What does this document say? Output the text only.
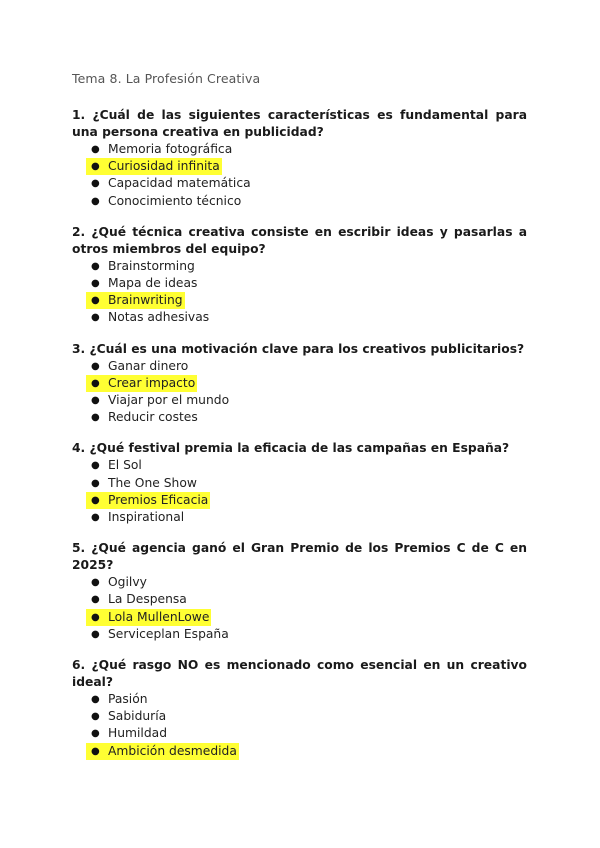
Tema 8. La Profesión Creativa

1. ¿Cuál de las siguientes características es fundamental para una persona creativa en publicidad?

● Memoria fotográfica
● Curiosidad infinita
● Capacidad matemática
● Conocimiento técnico

2. ¿Qué técnica creativa consiste en escribir ideas y pasarlas a otros miembros del equipo?

● Brainstorming
● Mapa de ideas
● Brainwriting
● Notas adhesivas

3. ¿Cuál es una motivación clave para los creativos publicitarios?

● Ganar dinero
● Crear impacto
● Viajar por el mundo
● Reducir costes

4. ¿Qué festival premia la eficacia de las campañas en España?

● El Sol
● The One Show
● Premios Eficacia
● Inspirational

5. ¿Qué agencia ganó el Gran Premio de los Premios C de C en 2025?

● Ogilvy
● La Despensa
● Lola MullenLowe
● Serviceplan España

6. ¿Qué rasgo NO es mencionado como esencial en un creativo ideal?

● Pasión
● Sabiduría
● Humildad
● Ambición desmedida
